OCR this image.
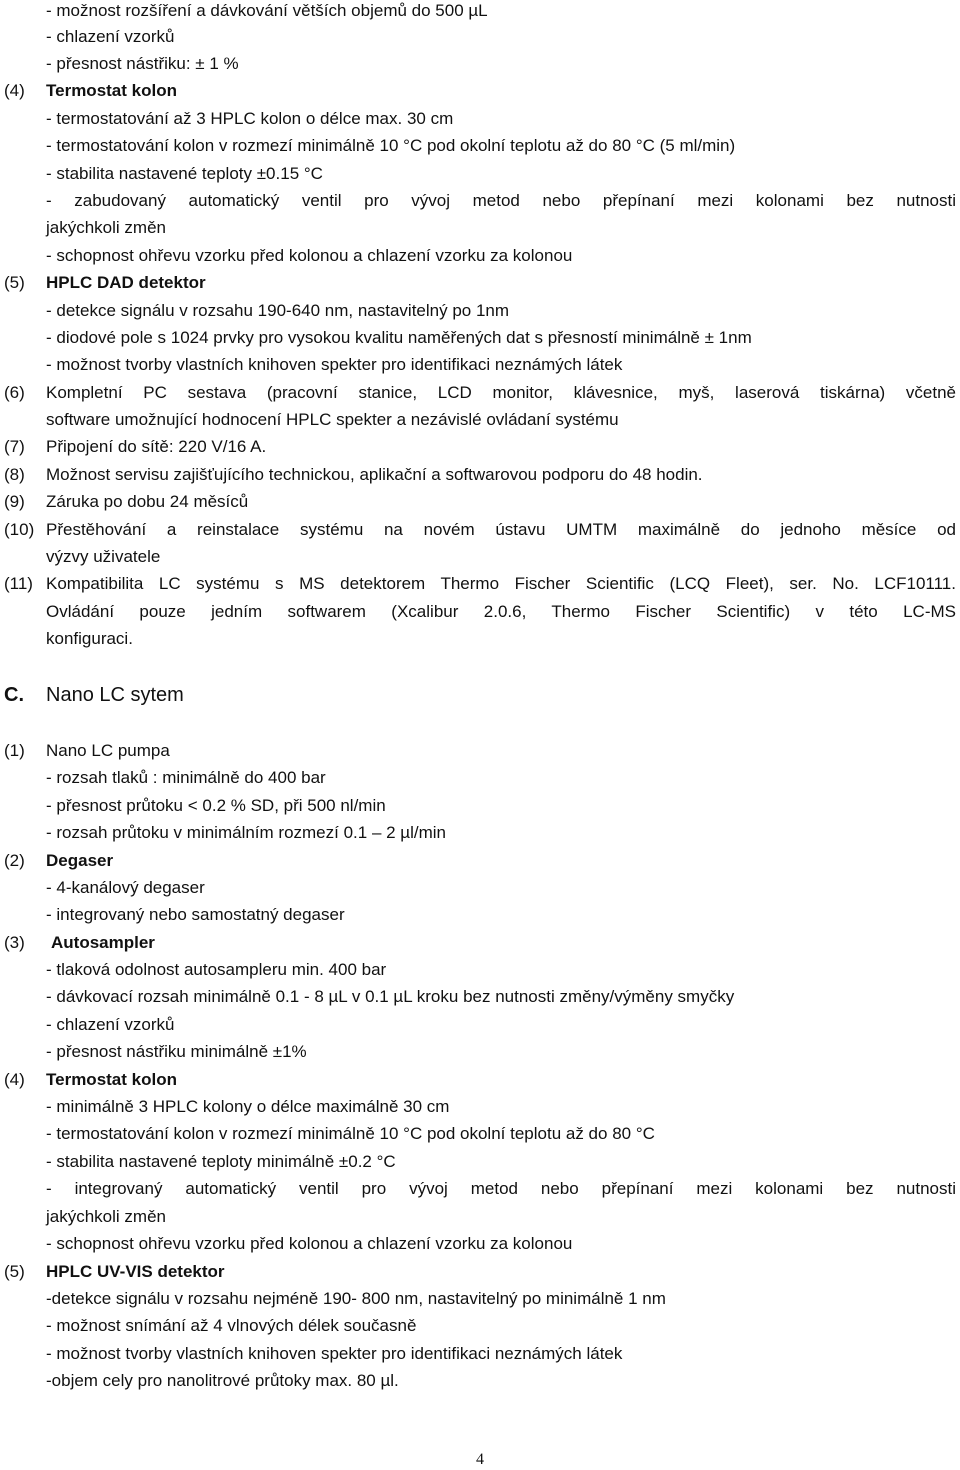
- možnost rozšíření a dávkování větších objemů do 500 µL
- chlazení vzorků
- přesnost nástřiku: ± 1 %
(4) Termostat kolon
- termostatování až 3 HPLC kolon o délce max. 30 cm
- termostatování kolon v rozmezí minimálně 10 °C pod okolní teplotu až do 80 °C (5 ml/min)
- stabilita nastavené teploty ±0.15 °C
- zabudovaný automatický ventil pro vývoj metod nebo přepínaní mezi kolonami bez nutnosti
jakýchkoli změn
- schopnost ohřevu vzorku před kolonou a chlazení vzorku za kolonou
(5) HPLC DAD detektor
- detekce signálu v rozsahu 190-640 nm, nastavitelný po 1nm
- diodové pole s 1024 prvky pro vysokou kvalitu naměřených dat s přesností minimálně ± 1nm
- možnost tvorby vlastních knihoven spekter pro identifikaci neznámých látek
(6) Kompletní PC sestava (pracovní stanice, LCD monitor, klávesnice, myš, laserová tiskárna) včetně
software umožnující hodnocení HPLC spekter a nezávislé ovládaní systému
(7) Připojení do sítě: 220 V/16 A.
(8) Možnost servisu zajišťujícího technickou, aplikační a softwarovou podporu do 48 hodin.
(9) Záruka po dobu 24 měsíců
(10) Přestěhování a reinstalace systému na novém ústavu UMTM maximálně do jednoho měsíce od
výzvy uživatele
(11) Kompatibilita LC systému s MS detektorem Thermo Fischer Scientific (LCQ Fleet), ser. No. LCF10111.
Ovládání pouze jedním softwarem (Xcalibur 2.0.6, Thermo Fischer Scientific) v této LC-MS
konfiguraci.
C. Nano LC sytem
(1) Nano LC pumpa
- rozsah tlaků : minimálně do 400 bar
- přesnost průtoku < 0.2 % SD, při 500 nl/min
- rozsah průtoku v minimálním rozmezí 0.1 – 2 µl/min
(2) Degaser
- 4-kanálový degaser
- integrovaný nebo samostatný degaser
(3) Autosampler
- tlaková odolnost autosampleru min. 400 bar
- dávkovací rozsah minimálně 0.1 - 8 µL v 0.1 µL kroku bez nutnosti změny/výměny smyčky
- chlazení vzorků
- přesnost nástřiku minimálně ±1%
(4) Termostat kolon
- minimálně 3 HPLC kolony o délce maximálně 30 cm
- termostatování kolon v rozmezí minimálně 10 °C pod okolní teplotu až do 80 °C
- stabilita nastavené teploty minimálně ±0.2 °C
- integrovaný automatický ventil pro vývoj metod nebo přepínaní mezi kolonami bez nutnosti
jakýchkoli změn
- schopnost ohřevu vzorku před kolonou a chlazení vzorku za kolonou
(5) HPLC UV-VIS detektor
-detekce signálu v rozsahu nejméně 190- 800 nm, nastavitelný po minimálně 1 nm
- možnost snímání až 4 vlnových délek současně
- možnost tvorby vlastních knihoven spekter pro identifikaci neznámých látek
-objem cely pro nanolitrové průtoky max. 80 µl.
4
